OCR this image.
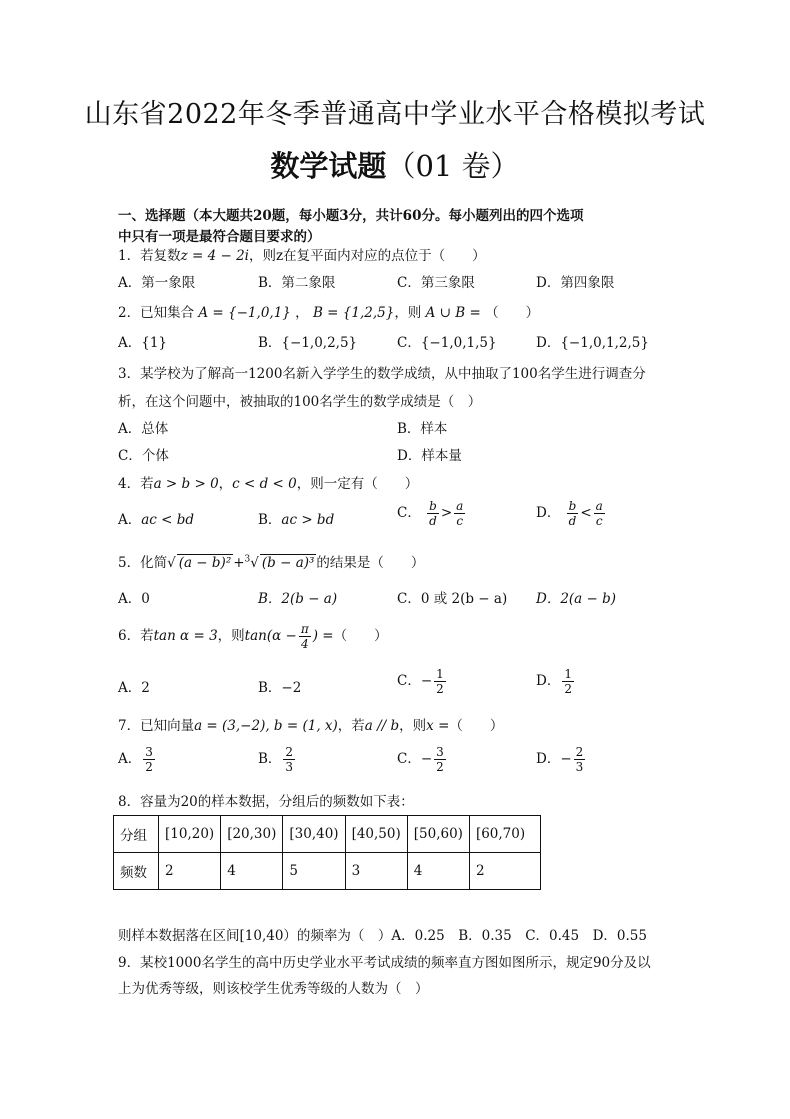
山东省2022年冬季普通高中学业水平合格模拟考试
数学试题（01 卷）
一、选择题（本大题共20题，每小题3分，共计60分。每小题列出的四个选项
中只有一项是最符合题目要求的）
1．若复数z = 4 − 2i，则z在复平面内对应的点位于（　　）
A．第一象限	B．第二象限	C．第三象限	D．第四象限
2．已知集合 A = {−1,0,1} ， B = {1,2,5}，则 A ∪ B = （　　）
A．{1}	B．{−1,0,2,5}	C．{−1,0,1,5}	D．{−1,0,1,2,5}
3．某学校为了解高一1200名新入学学生的数学成绩，从中抽取了100名学生进行调查分
析，在这个问题中，被抽取的100名学生的数学成绩是（　）
A．总体	B．样本
C．个体	D．样本量
4．若a > b > 0，c < d < 0，则一定有（　　）
A．ac < bd	B．ac > bd	C． $\frac{b}{d} > \frac{a}{c}$	D． $\frac{b}{d} < \frac{a}{c}$
5．化简√ (a − b)² +$^3$√ (b − a)³ 的结果是（　　）
A．0	B．2(b − a)	C．0 或 2(b − a) D．2(a − b)
6．若tan α = 3，则$\tan(\alpha - \frac{\pi}{4}$ ) =（　　）
A．2	B．−2	C．− $\frac{1}{2}$	D． $\frac{1}{2}$
7．已知向量a = (3,−2), b = (1, x)，若a // b，则x =（　　）
A． $\frac{3}{2}$	B． $\frac{2}{3}$	C．− $\frac{3}{2}$	D．− $\frac{2}{3}$
8．容量为20的样本数据，分组后的频数如下表：
分组	[10,20)	[20,30)	[30,40)	[40,50)	[50,60)	[60,70)
频数	2	4	5	3	4	2
则样本数据落在区间[10,40）的频率为（　）A．0.25　B．0.35　C．0.45　D．0.55
9．某校1000名学生的高中历史学业水平考试成绩的频率直方图如图所示，规定90分及以
上为优秀等级，则该校学生优秀等级的人数为（　）
